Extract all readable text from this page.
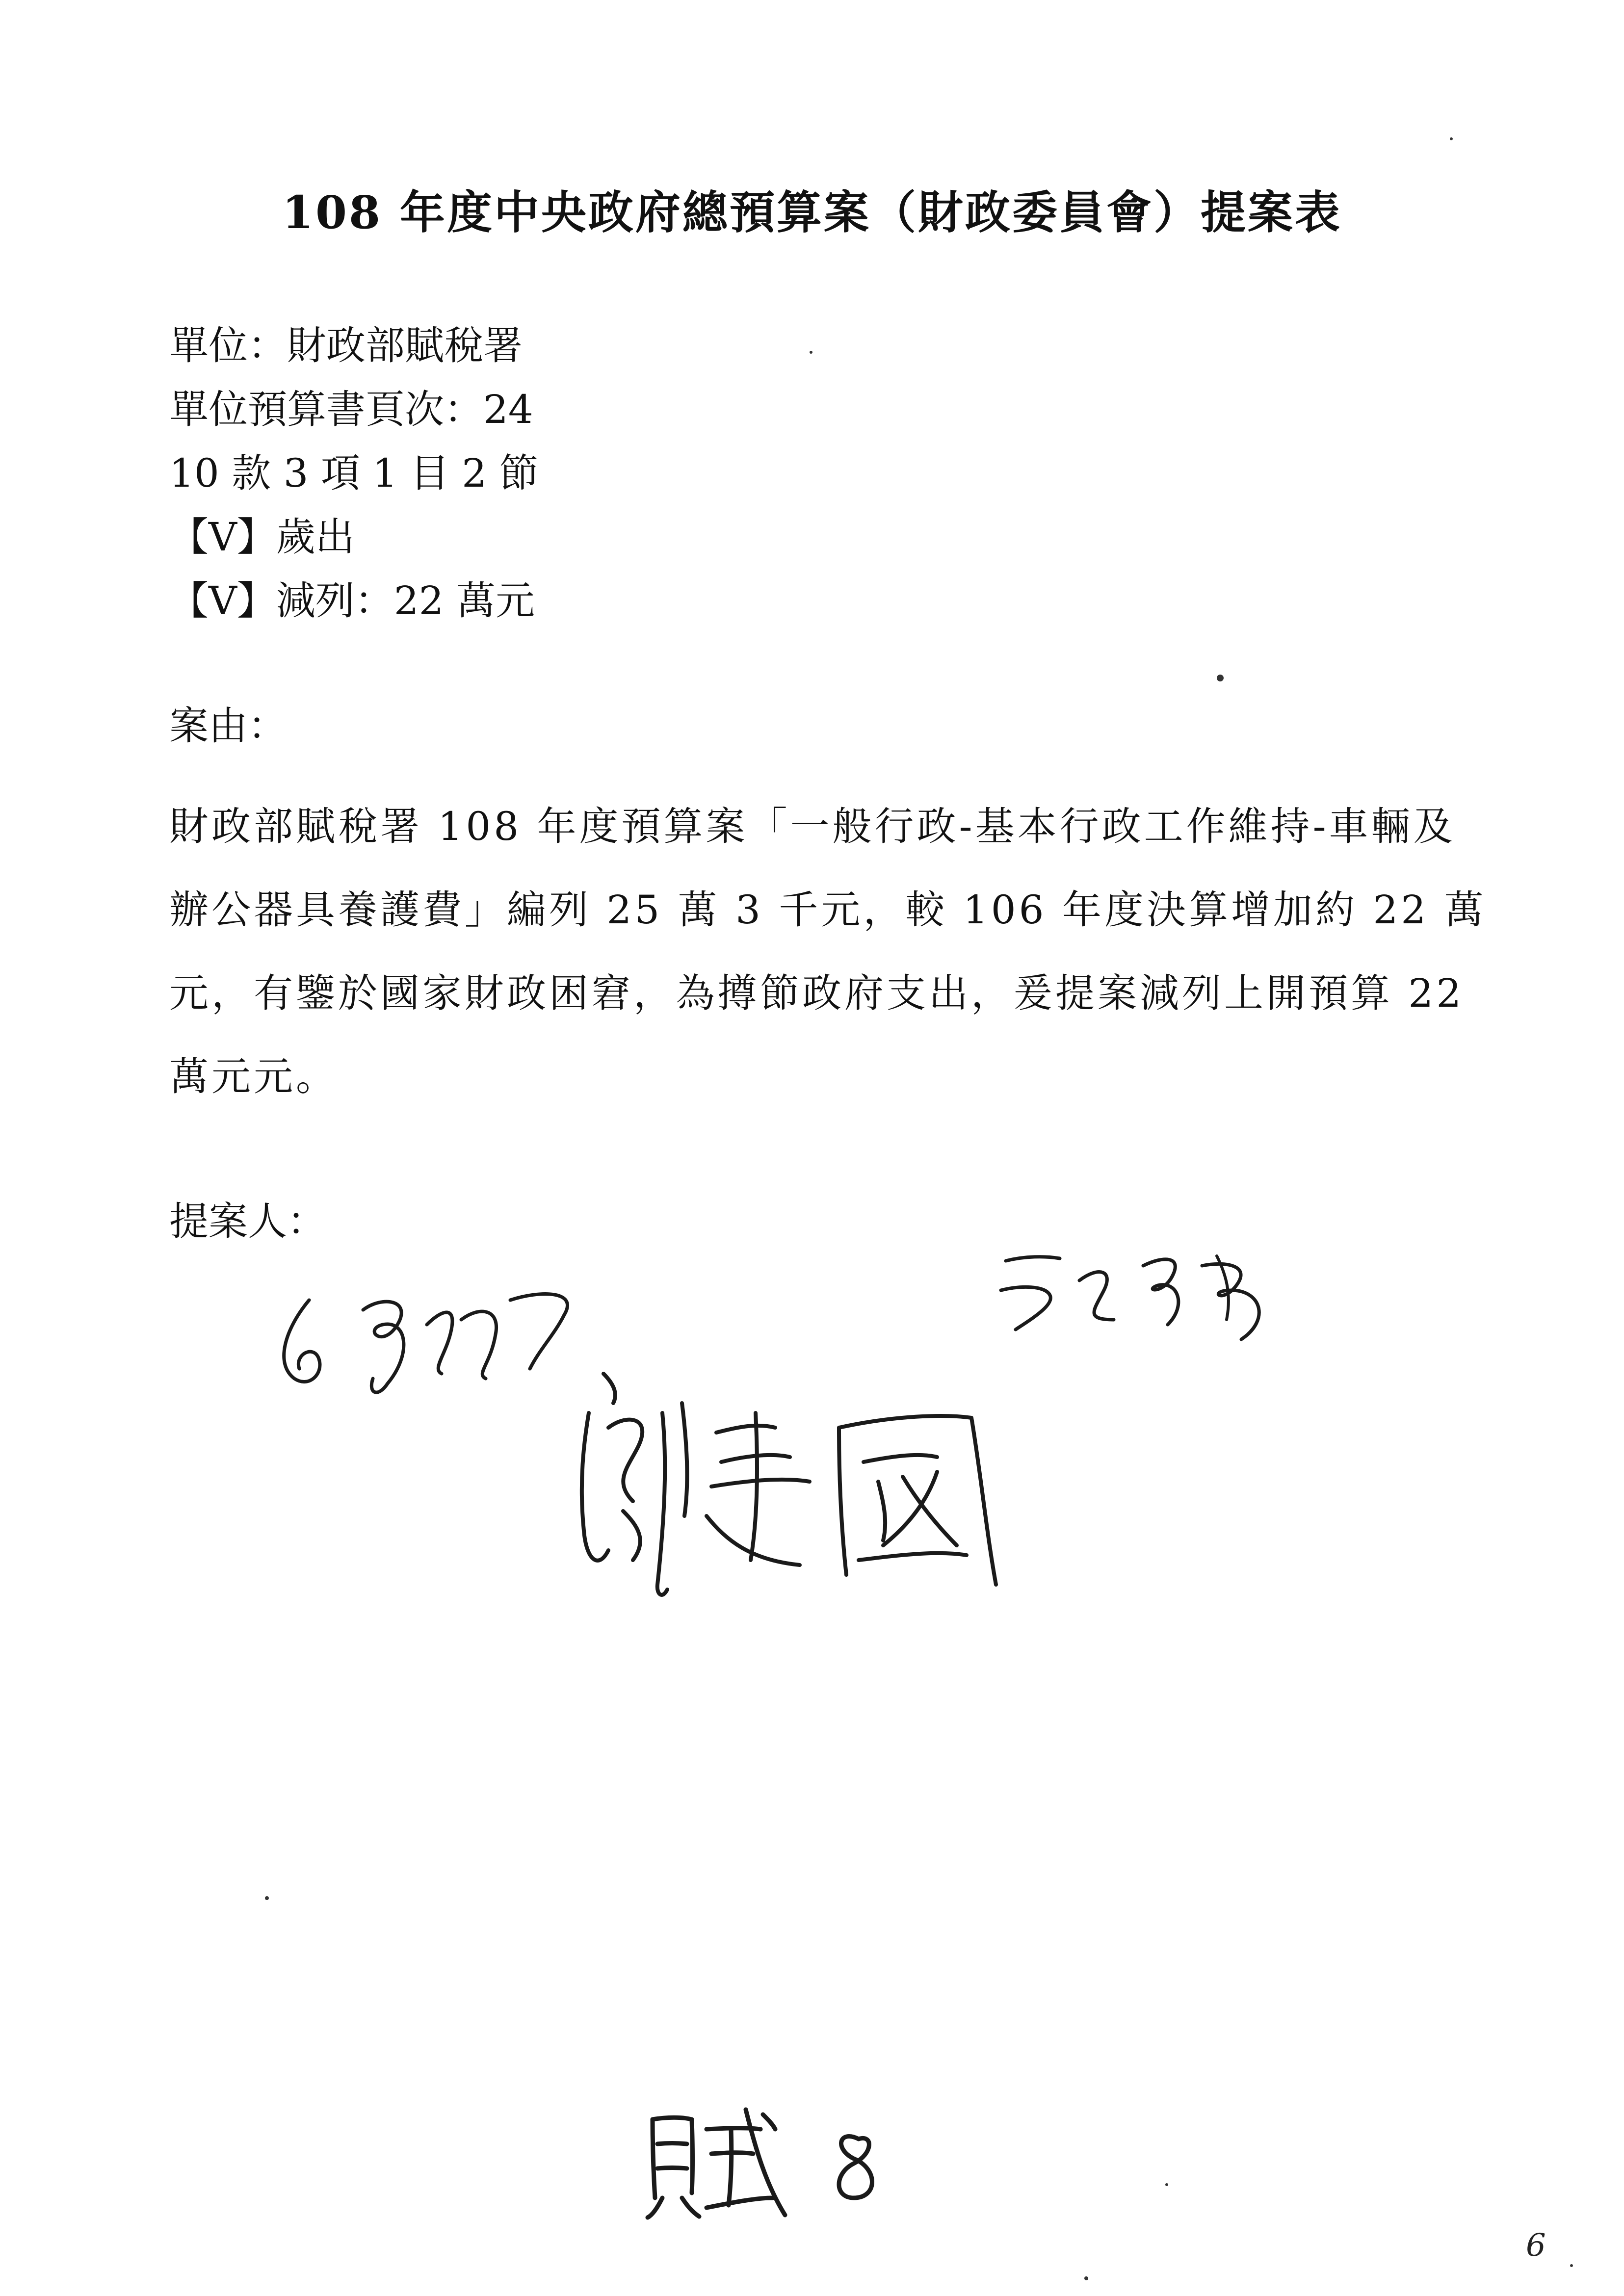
108 年度中央政府總預算案（財政委員會）提案表
單位：財政部賦稅署
單位預算書頁次：24
10 款 3 項 1 目 2 節
【V】歲出
【V】減列：22 萬元
案由：
財政部賦稅署 108 年度預算案「一般行政-基本行政工作維持-車輛及辦公器具養護費」編列 25 萬 3 千元，較 106 年度決算增加約 22 萬元，有鑒於國家財政困窘，為撙節政府支出，爰提案減列上開預算 22 萬元元。
提案人：
6
